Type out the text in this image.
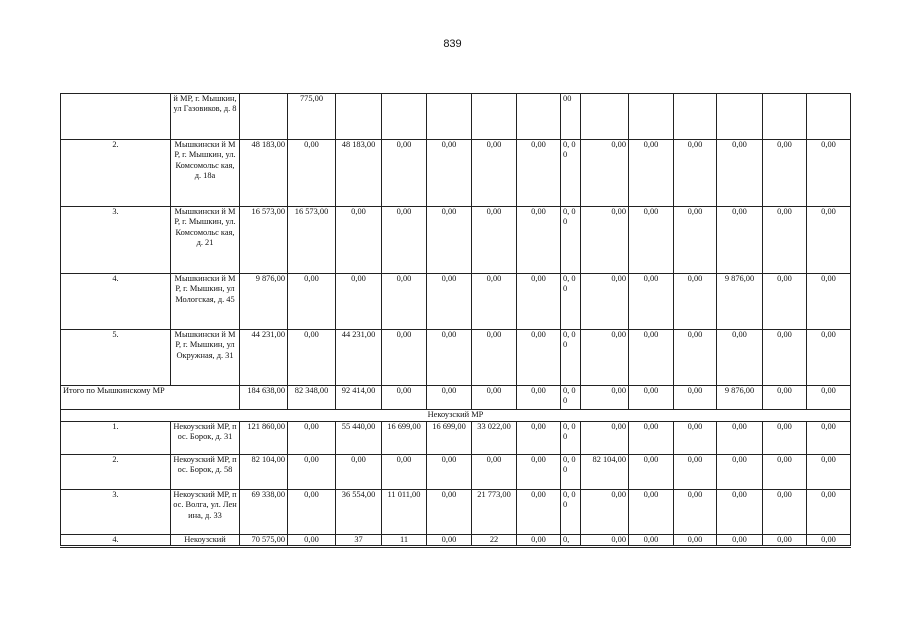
839
	й МР, г. Мышкин, ул Газовиков, д. 8		775,00						00						
2.	Мышкински й МР, г. Мышкин, ул. Комсомольс кая, д. 18а	48 183,00	0,00	48 183,00	0,00	0,00	0,00	0,00	0, 00	0,00	0,00	0,00	0,00	0,00	0,00
3.	Мышкински й МР, г. Мышкин, ул. Комсомольс кая, д. 21	16 573,00	16 573,00	0,00	0,00	0,00	0,00	0,00	0, 00	0,00	0,00	0,00	0,00	0,00	0,00
4.	Мышкински й МР, г. Мышкин, ул Мологская, д. 45	9 876,00	0,00	0,00	0,00	0,00	0,00	0,00	0, 00	0,00	0,00	0,00	9 876,00	0,00	0,00
5.	Мышкински й МР, г. Мышкин, ул Окружная, д. 31	44 231,00	0,00	44 231,00	0,00	0,00	0,00	0,00	0, 00	0,00	0,00	0,00	0,00	0,00	0,00
Итого по Мышкинскому МР		184 638,00	82 348,00	92 414,00	0,00	0,00	0,00	0,00	0, 00	0,00	0,00	0,00	9 876,00	0,00	0,00
Некоузский МР															
1.	Некоузский МР, пос. Борок, д. 31	121 860,00	0,00	55 440,00	16 699,00	16 699,00	33 022,00	0,00	0, 00	0,00	0,00	0,00	0,00	0,00	0,00
2.	Некоузский МР, пос. Борок, д. 58	82 104,00	0,00	0,00	0,00	0,00	0,00	0,00	0, 00	82 104,00	0,00	0,00	0,00	0,00	0,00
3.	Некоузский МР, пос. Волга, ул. Ленина, д. 33	69 338,00	0,00	36 554,00	11 011,00	0,00	21 773,00	0,00	0, 00	0,00	0,00	0,00	0,00	0,00	0,00
4.	Некоузский	70 575,00	0,00	37	11	0,00	22	0,00	0,	0,00	0,00	0,00	0,00	0,00	0,00
